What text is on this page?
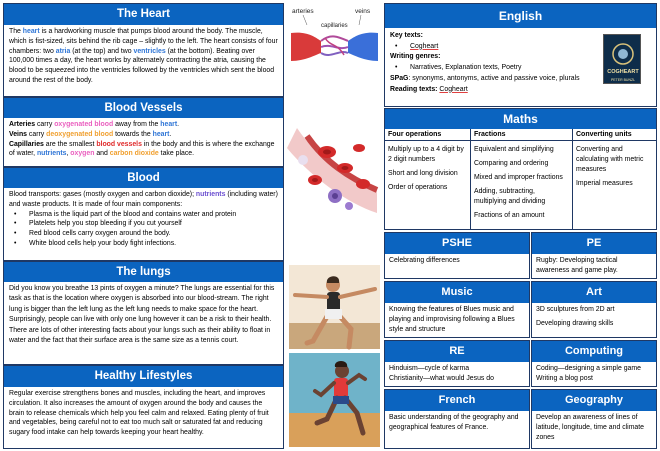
The Heart
The heart is a hardworking muscle that pumps blood around the body. The muscle, which is fist-sized, sits behind the rib cage – slightly to the left. The heart consists of four chambers: two atria (at the top) and two ventricles (at the bottom). Beating over 100,000 times a day, the heart works by alternately contracting the atria, causing the blood to be squeezed into the ventricles followed by the ventricles which sent the blood around the rest of the body.
Blood Vessels
Arteries carry oxygenated blood away from the heart.
Veins carry deoxygenated blood towards the heart.
Capillaries are the smallest blood vessels in the body and this is where the exchange of water, nutrients, oxygen and carbon dioxide take place.
Blood
Blood transports: gases (mostly oxygen and carbon dioxide); nutrients (including water) and waste products. It is made of four main components:
• Plasma is the liquid part of the blood and contains water and protein
• Platelets help you stop bleeding if you cut yourself
• Red blood cells carry oxygen around the body.
• White blood cells help your body fight infections.
The lungs
Did you know you breathe 13 pints of oxygen a minute? The lungs are essential for this task as that is the location where oxygen is absorbed into our blood-stream. The right lung is bigger than the left lung as the left lung needs to make space for the heart. Surprisingly, people can live with only one lung however it can be a risk to their health. There are lots of other interesting facts about your lungs such as their ability to float in water and the fact that their surface area is the same size as a tennis court.
Healthy Lifestyles
Regular exercise strengthens bones and muscles, including the heart, and improves circulation. It also increases the amount of oxygen around the body and causes the brain to release chemicals which help you feel calm and relaxed. Eating plenty of fruit and vegetables, being careful not to eat too much salt or saturated fat and reducing sugary food intake can help towards keeping your heart healthy.
arteries	veins
capillaries
English
Key texts:
• Cogheart
Writing genres:
• Narratives, Explanation texts, Poetry
SPaG: synonyms, antonyms, active and passive voice, plurals
Reading texts: Cogheart
COGHEART
PETER BUNZL
Maths
Four operations

Multiply up to a 4 digit by 2 digit numbers

Short and long division

Order of operations

Fractions

Equivalent and simplifying

Comparing and ordering

Mixed and improper fractions

Adding, subtracting, multiplying and dividing

Fractions of an amount

Converting units

Converting and calculating with metric measures

Imperial measures

PSHE
Celebrating differences
PE
Rugby: Developing tactical awareness and game play.
Music
Knowing the features of Blues music and playing and improvising following a Blues style and structure
Art
3D sculptures from 2D art
Developing drawing skills
RE
Hinduism—cycle of karma
Christianity—what would Jesus do
Computing
Coding—designing a simple game
Writing a blog post
French
Basic understanding of the geography and geographical features of France.
Geography
Develop an awareness of lines of latitude, longitude, time and climate zones
